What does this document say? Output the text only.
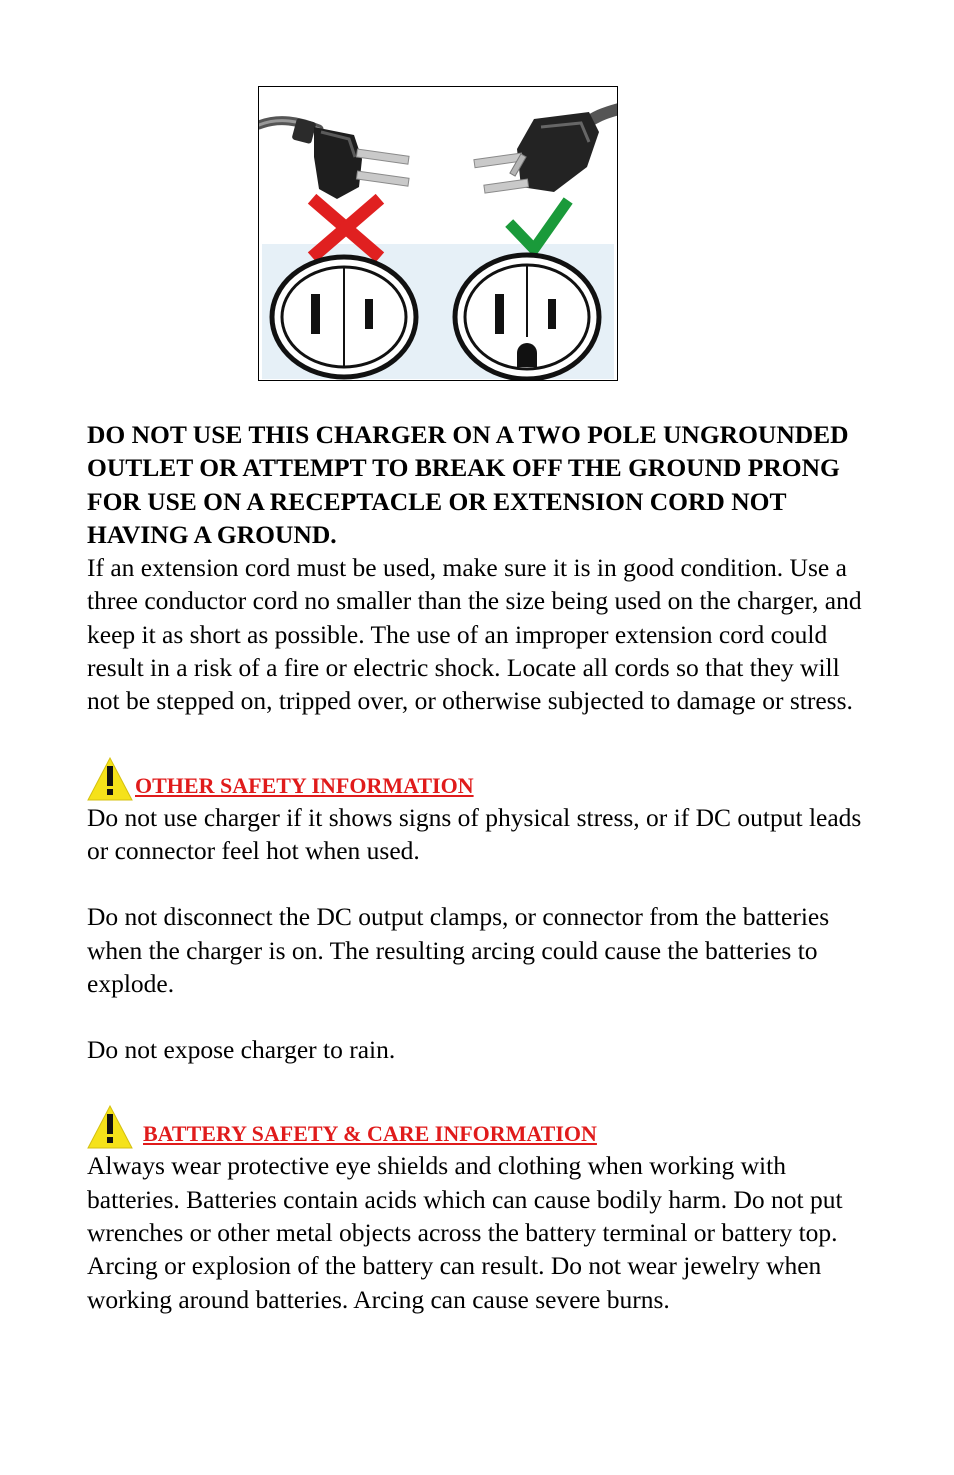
DO NOT USE THIS CHARGER ON A TWO POLE UNGROUNDED OUTLET OR ATTEMPT TO BREAK OFF THE GROUND PRONG FOR USE ON A RECEPTACLE OR EXTENSION CORD NOT HAVING A GROUND.

If an extension cord must be used, make sure it is in good condition. Use a three conductor cord no smaller than the size being used on the charger, and keep it as short as possible. The use of an improper extension cord could result in a risk of a fire or electric shock. Locate all cords so that they will not be stepped on, tripped over, or otherwise subjected to damage or stress.

OTHER SAFETY INFORMATION

Do not use charger if it shows signs of physical stress, or if DC output leads or connector feel hot when used.

Do not disconnect the DC output clamps, or connector from the batteries when the charger is on. The resulting arcing could cause the batteries to explode.

Do not expose charger to rain.

BATTERY SAFETY & CARE INFORMATION

Always wear protective eye shields and clothing when working with batteries. Batteries contain acids which can cause bodily harm. Do not put wrenches or other metal objects across the battery terminal or battery top. Arcing or explosion of the battery can result. Do not wear jewelry when working around batteries. Arcing can cause severe burns.
